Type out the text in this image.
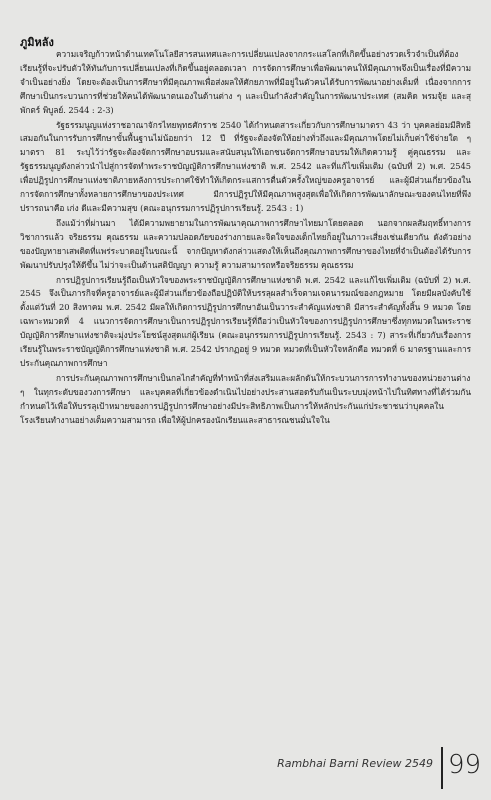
ภูมิหลัง

ความเจริญก้าวหน้าด้านเทคโนโลยีสารสนเทศและการเปลี่ยนแปลงจากกระแสโลกที่เกิดขึ้นอย่างรวดเร็วจำเป็นที่ต้องเรียนรู้ที่จะปรับตัวให้ทันกับการเปลี่ยนแปลงที่เกิดขึ้นอยู่ตลอดเวลา การจัดการศึกษาเพื่อพัฒนาคนให้มีคุณภาพจึงเป็นเรื่องที่มีความจำเป็นอย่างยิ่ง โดยจะต้องเป็นการศึกษาที่มีคุณภาพเพื่อส่งผลให้ศักยภาพที่มีอยู่ในตัวคนได้รับการพัฒนาอย่างเต็มที่ เนื่องจากการศึกษาเป็นกระบวนการที่ช่วยให้คนได้พัฒนาตนเองในด้านต่าง ๆ และเป็นกำลังสำคัญในการพัฒนาประเทศ (สมคิด พรมจุ้ย และสุพักตร์ พิบูลย์. 2544 : 2-3)

รัฐธรรมนูญแห่งราชอาณาจักรไทยพุทธศักราช 2540 ได้กำหนดสาระเกี่ยวกับการศึกษามาตรา 43 ว่า บุคคลย่อมมีสิทธิเสมอกันในการรับการศึกษาขั้นพื้นฐานไม่น้อยกว่า 12 ปี ที่รัฐจะต้องจัดให้อย่างทั่วถึงและมีคุณภาพโดยไม่เก็บค่าใช้จ่ายใด ๆ มาตรา 81 ระบุไว้ว่ารัฐจะต้องจัดการศึกษาอบรมและสนับสนุนให้เอกชนจัดการศึกษาอบรมให้เกิดความรู้ คู่คุณธรรม และรัฐธรรมนูญดังกล่าวนำไปสู่การจัดทำพระราชบัญญัติการศึกษาแห่งชาติ พ.ศ. 2542 และที่แก้ไขเพิ่มเติม (ฉบับที่ 2) พ.ศ. 2545 เพื่อปฏิรูปการศึกษาแห่งชาติภายหลังการประกาศใช้ทำให้เกิดกระแสการตื่นตัวครั้งใหญ่ของครูอาจารย์ และผู้มีส่วนเกี่ยวข้องในการจัดการศึกษาทั้งหลายการศึกษาของประเทศ มีการปฏิรูปให้มีคุณภาพสูงสุดเพื่อให้เกิดการพัฒนาลักษณะของคนไทยที่พึงปรารถนาคือ เก่ง ดีและมีความสุข (คณะอนุกรรมการปฏิรูปการเรียนรู้. 2543 : 1)

ถึงแม้ว่าที่ผ่านมา ได้มีความพยายามในการพัฒนาคุณภาพการศึกษาไทยมาโดยตลอด นอกจากผลสัมฤทธิ์ทางการวิชาการแล้ว จริยธรรม คุณธรรม และความปลอดภัยของร่างกายและจิตใจของเด็กไทยก็อยู่ในภาวะเสี่ยงเช่นเดียวกัน ดังตัวอย่างของปัญหายาเสพติดที่แพร่ระบาดอยู่ในขณะนี้ จากปัญหาดังกล่าวแสดงให้เห็นถึงคุณภาพการศึกษาของไทยที่จำเป็นต้องได้รับการพัฒนาปรับปรุงให้ดีขึ้น ไม่ว่าจะเป็นด้านสติปัญญา ความรู้ ความสามารถหรือจริยธรรม คุณธรรม

การปฏิรูปการเรียนรู้ถือเป็นหัวใจของพระราชบัญญัติการศึกษาแห่งชาติ พ.ศ. 2542 และแก้ไขเพิ่มเติม (ฉบับที่ 2) พ.ศ. 2545 จึงเป็นภารกิจที่ครูอาจารย์และผู้มีส่วนเกี่ยวข้องถือปฏิบัติให้บรรลุผลสำเร็จตามเจตนารมณ์ของกฎหมาย โดยมีผลบังคับใช้ตั้งแต่วันที่ 20 สิงหาคม พ.ศ. 2542 มีผลให้เกิดการปฏิรูปการศึกษาอันเป็นวาระสำคัญแห่งชาติ มีสาระสำคัญทั้งสิ้น 9 หมวด โดยเฉพาะหมวดที่ 4 แนวการจัดการศึกษาเป็นการปฏิรูปการเรียนรู้ที่ถือว่าเป็นหัวใจของการปฏิรูปการศึกษาซึ่งทุกหมวดในพระราชบัญญัติการศึกษาแห่งชาติจะมุ่งประโยชน์สูงสุดแก่ผู้เรียน (คณะอนุกรรมการปฏิรูปการเรียนรู้. 2543 : 7) สาระที่เกี่ยวกับเรื่องการเรียนรู้ในพระราชบัญญัติการศึกษาแห่งชาติ พ.ศ. 2542 ปรากฏอยู่ 9 หมวด หมวดที่เป็นหัวใจหลักคือ หมวดที่ 6 มาตรฐานและการประกันคุณภาพการศึกษา

การประกันคุณภาพการศึกษาเป็นกลไกสำคัญที่ทำหน้าที่ส่งเสริมและผลักดันให้กระบวนการการทำงานของหน่วยงานต่าง ๆ ในทุกระดับของวงการศึกษา และบุคคลที่เกี่ยวข้องดำเนินไปอย่างประสานสอดรับกันเป็นระบบมุ่งหน้าไปในทิศทางที่ได้ร่วมกันกำหนดไว้เพื่อให้บรรลุเป้าหมายของการปฏิรูปการศึกษาอย่างมีประสิทธิภาพเป็นการให้หลักประกันแก่ประชาชนว่าบุคคลในโรงเรียนทำงานอย่างเต็มความสามารถ เพื่อให้ผู้ปกครองนักเรียนและสาธารณชนมั่นใจใน

Rambhai Barni Review 2549 99
